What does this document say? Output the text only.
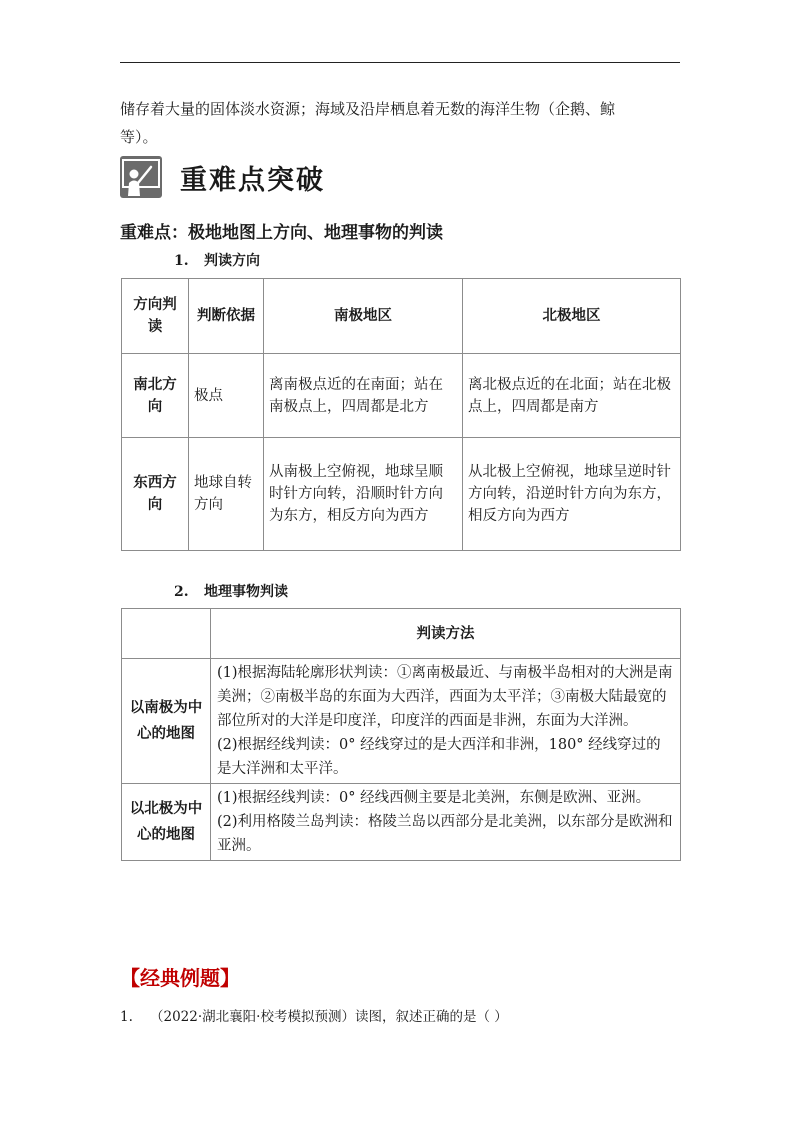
储存着大量的固体淡水资源；海域及沿岸栖息着无数的海洋生物（企鹅、鲸
等）。
重难点突破
重难点：极地地图上方向、地理事物的判读
1. 判读方向
方向判读	判断依据	南极地区	北极地区
南北方向	极点	离南极点近的在南面；站在南极点上，四周都是北方	离北极点近的在北面；站在北极点上，四周都是南方
东西方向	地球自转方向	从南极上空俯视，地球呈顺时针方向转，沿顺时针方向为东方，相反方向为西方	从北极上空俯视，地球呈逆时针方向转，沿逆时针方向为东方，相反方向为西方
2. 地理事物判读
	判读方法
以南极为中心的地图	(1)根据海陆轮廓形状判读：①离南极最近、与南极半岛相对的大洲是南美洲；②南极半岛的东面为大西洋，西面为太平洋；③南极大陆最宽的部位所对的大洋是印度洋，印度洋的西面是非洲，东面为大洋洲。
(2)根据经线判读：0° 经线穿过的是大西洋和非洲，180° 经线穿过的是大洋洲和太平洋。

以北极为中心的地图	(1)根据经线判读：0° 经线西侧主要是北美洲，东侧是欧洲、亚洲。
(2)利用格陵兰岛判读：格陵兰岛以西部分是北美洲，以东部分是欧洲和亚洲。
【经典例题】
1. （2022·湖北襄阳·校考模拟预测）读图，叙述正确的是（ ）
